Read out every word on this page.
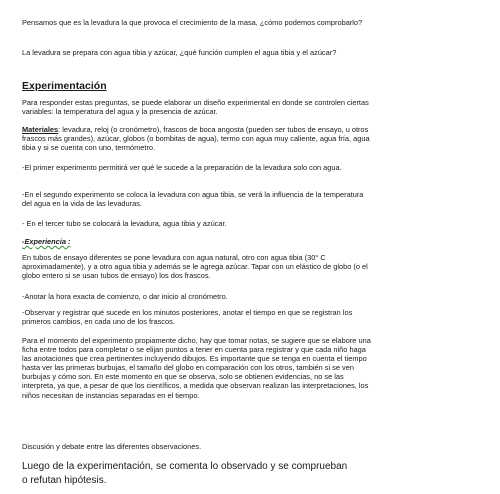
Pensamos que es la levadura la que provoca el crecimiento de la masa, ¿cómo podemos comprobarlo?

La levadura se prepara con agua tibia y azúcar, ¿qué función cumplen el agua tibia y el azúcar?

Experimentación

Para responder estas preguntas, se puede elaborar un diseño experimental en donde se controlen ciertas variables: la temperatura del agua y la presencia de azúcar.

Materiales: levadura, reloj (o cronómetro), frascos de boca angosta (pueden ser tubos de ensayo, u otros frascos más grandes), azúcar, globos (o bombitas de agua), termo con agua muy caliente, agua fría, agua tibia y si se cuenta con uno, termómetro.

-El primer experimento permitirá ver qué le sucede a la preparación de la levadura solo con agua.

-En el segundo experimento se coloca la levadura con agua tibia, se verá la influencia de la temperatura del agua en la vida de las levaduras.

- En el tercer tubo se colocará la levadura, agua tibia y azúcar.

-Experiencia :

En tubos de ensayo diferentes se pone levadura con agua natural, otro con agua tibia (30° C aproximadamente), y a otro agua tibia y además se le agrega azúcar. Tapar con un elástico de globo (o el globo entero si se usan tubos de ensayo) los dos frascos.

-Anotar la hora exacta de comienzo, o dar inicio al cronómetro.

-Observar y registrar qué sucede en los minutos posteriores, anotar el tiempo en que se registran los primeros cambios, en cada uno de los frascos.

Para el momento del experimento propiamente dicho, hay que tomar notas, se sugiere que se elabore una ficha entre todos para completar o se elijan puntos a tener en cuenta para registrar y que cada niño haga las anotaciones que crea pertinentes incluyendo dibujos. Es importante que se tenga en cuenta el tiempo hasta ver las primeras burbujas, el tamaño del globo en comparación con los otros, también si se ven burbujas y cómo son. En este momento en que se observa, solo se obtienen evidencias, no se las interpreta, ya que, a pesar de que los científicos, a medida que observan realizan las interpretaciones, los niños necesitan de instancias separadas en el tiempo.

Discusión y debate entre las diferentes observaciones.

Luego de la experimentación, se comenta lo observado y se comprueban o refutan hipótesis.
